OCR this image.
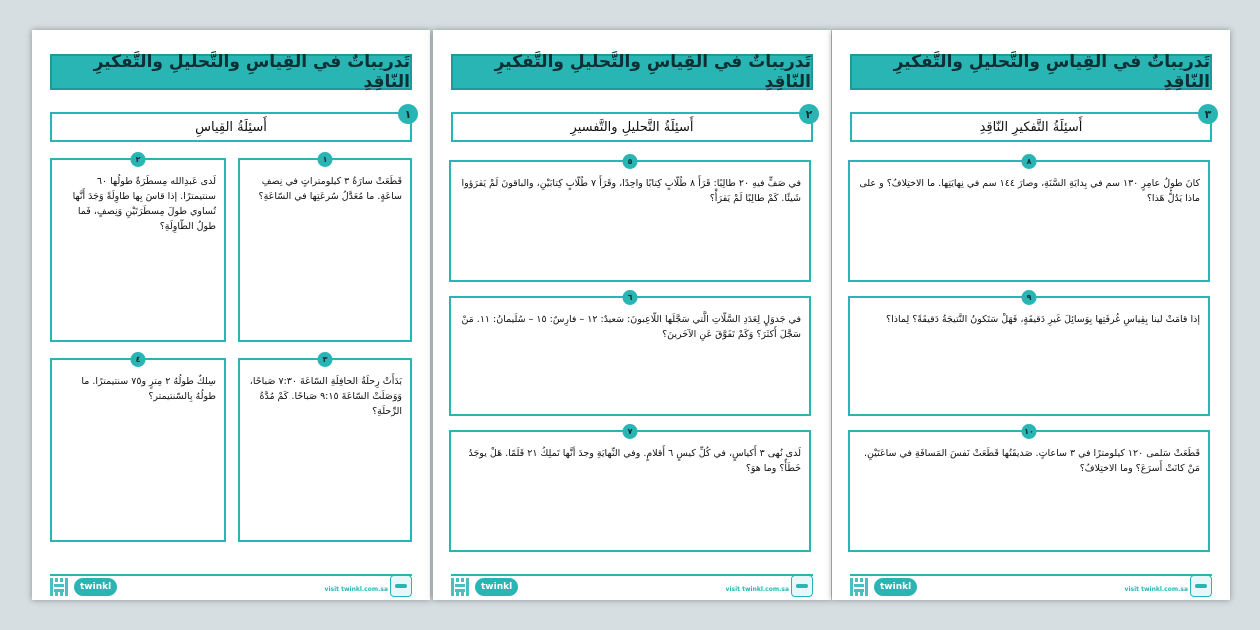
تَدريباتٌ في القِياسِ والتَّحليلِ والتَّفكيرِ النّاقِدِ
أَسئِلَةُ القِياسِ
١
١
قَطَعَتْ سارَةُ ٣ كيلومتراتٍ في نِصفِ ساعَةٍ. ما مُعَدَّلُ سُرعَتِها في السّاعَةِ؟
٢
لَدى عَبدِالله مِسطَرَةٌ طولُها ٦٠ سنتيمترًا. إذا قاسَ بِها طاوِلَةً وَجَدَ أَنَّها تُساوي طولَ مِسطَرَتَيْنِ وَنِصفٍ، فَما طولُ الطّاوِلَةِ؟
٣
بَدَأَتْ رِحلَةُ الحافِلَةِ السّاعَةَ ٧:٣٠ صَباحًا، وَوَصَلَتْ السّاعَةَ ٩:١٥ صَباحًا. كَمْ مُدَّةُ الرِّحلَةِ؟
٤
سِلكٌ طولُهُ ٢ مِترٍ و٧٥ سنتيمترًا. ما طولُهُ بِالسّنتيمتر؟
twinkl	visit twinkl.com.sa
تَدريباتٌ في القِياسِ والتَّحليلِ والتَّفكيرِ النّاقِدِ
أَسئِلَةُ التَّحليلِ والتَّفسيرِ
٢
٥
في صَفٍّ فيهِ ٢٠ طالِبًا: قَرَأَ ٨ طُلّابٍ كِتابًا واحِدًا، وقَرَأَ ٧ طُلّابٍ كِتابَيْنِ، والباقونَ لَمْ يَقرَؤوا شَيئًا. كَمْ طالِبًا لَمْ يَقرَأْ؟
٦
في جَدوَلٍ لِعَدَدِ السَّلّاتِ الَّتي سَجَّلَها اللّاعِبونَ: سَعيدٌ: ١٢ – فارِسٌ: ١٥ – سُلَيمانُ: ١١. مَنْ سَجَّلَ أَكثَرَ؟ وَكَمْ تَفَوَّقَ عَنِ الآخَرينَ؟
٧
لَدى نُهى ٣ أَكياسٍ، في كُلِّ كيسٍ ٦ أَقلامٍ. وفي النِّهايَةِ وجدَ أنَّها تَملِكُ ٢١ قَلَمًا. هَلْ يوجَدُ خَطَأٌ؟ وما هوَ؟
twinkl	visit twinkl.com.sa
تَدريباتٌ في القِياسِ والتَّحليلِ والتَّفكيرِ النّاقِدِ
أَسئِلَةُ التَّفكيرِ النّاقِدِ
٣
٨
كانَ طولُ عامِرٍ ١٣٠ سم في بِدايَةِ السَّنَةِ، وصارَ ١٤٤ سم في نِهايَتِها. ما الاختِلافُ؟ و على ماذا يَدُلُّ هَذا؟
٩
إذا قامَتْ لينا بِقِياسِ غُرفَتِها بِوَسائِلَ غَيرِ دَقيقَةٍ، فَهَلْ سَتَكونُ النَّتيجَةُ دَقيقَةً؟ لِماذا؟
١٠
قَطَعَتْ سَلمى ١٢٠ كيلومترًا في ٣ ساعاتٍ. صَديقَتُها قَطَعَتْ نَفسَ المَسافَةِ في ساعَتَيْنِ. مَنْ كانَتْ أَسرَعَ؟ وما الاختِلافُ؟
twinkl	visit twinkl.com.sa
